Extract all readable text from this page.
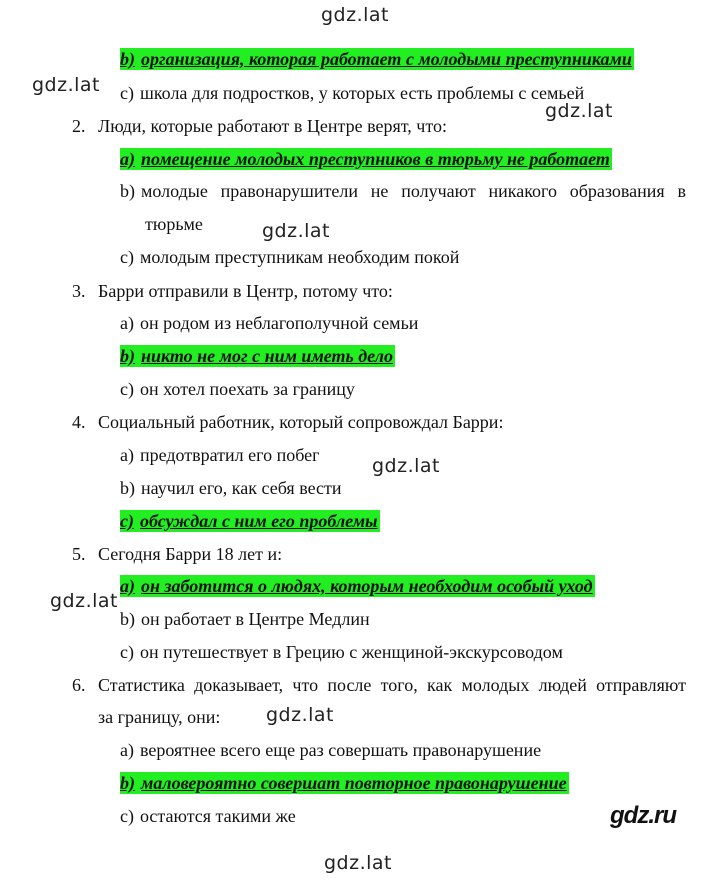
gdz.lat
gdz.lat
gdz.lat
gdz.lat
gdz.lat
gdz.lat
gdz.lat
gdz.lat
gdz.ru
b) организация, которая работает с молодыми преступниками
c) школа для подростков, у которых есть проблемы с семьей
2. Люди, которые работают в Центре верят, что:
a) помещение молодых преступников в тюрьму не работает
b) молодые правонарушители не получают никакого образования в
тюрьме
c) молодым преступникам необходим покой
3. Барри отправили в Центр, потому что:
a) он родом из неблагополучной семьи
b) никто не мог с ним иметь дело
c) он хотел поехать за границу
4. Социальный работник, который сопровождал Барри:
a) предотвратил его побег
b) научил его, как себя вести
c) обсуждал с ним его проблемы
5. Сегодня Барри 18 лет и:
a) он заботится о людях, которым необходим особый уход
b) он работает в Центре Медлин
c) он путешествует в Грецию с женщиной-экскурсоводом
6. Статистика доказывает, что после того, как молодых людей отправляют
за границу, они:
a) вероятнее всего еще раз совершать правонарушение
b) маловероятно совершат повторное правонарушение
c) остаются такими же
